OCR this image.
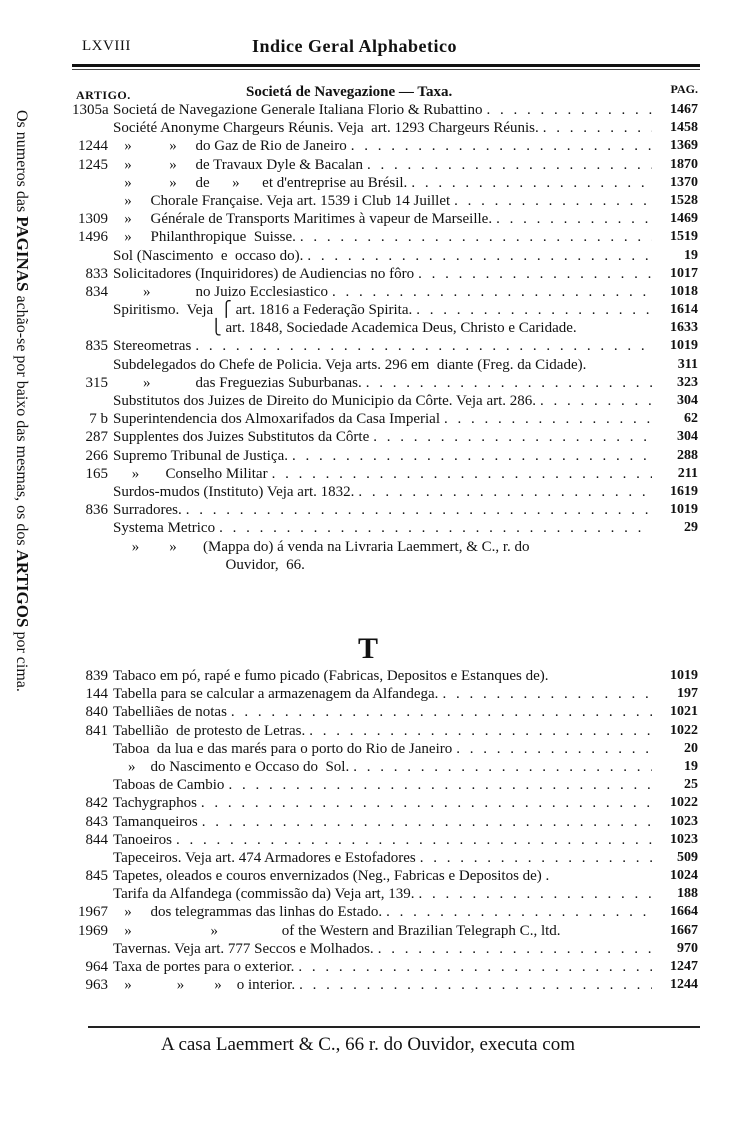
LXVIII	Indice Geral Alphabetico
ARTIGO.	Societá de Navegazione — Taxa.	PAG.
Os numeros das PAGINAS achão-se por baixo das mesmas, os dos ARTIGOS por cima.
1305a Societá de Navegazione Generale Italiana Florio & Rubattino . . .	1467
Société Anonyme Chargeurs Réunis. Veja  art. 1293 Chargeurs Réunis. . . .	1458
1244 »          »     do Gaz de Rio de Janeiro . . .	1369
1245 »          »     de Travaux Dyle & Bacalan . . .	1870
»          »     de      »      et d'entreprise au Brésil. . . .	1370
»     Chorale Française. Veja art. 1539 i Club 14 Juillet . . .	1528
1309 »     Générale de Transports Maritimes à vapeur de Marseille. . . .	1469
1496 »     Philanthropique  Suisse. . . .	1519
Sol (Nascimento  e  occaso do). . . .	19
833 Solicitadores (Inquiridores) de Audiencias no fôro . . .	1017
834 »            no Juizo Ecclesiastico . . .	1018
Spiritismo.  Veja  ⎧ art. 1816 a Federação Spirita. . . .	1614
⎩ art. 1848, Sociedade Academica Deus, Christo e Caridade.	1633
835 Stereometras . . .	1019
Subdelegados do Chefe de Policia. Veja arts. 296 em  diante (Freg. da Cidade).	311
315 »            das Freguezias Suburbanas. . . .	323
Substitutos dos Juizes de Direito do Municipio da Côrte. Veja art. 286. . . .	304
7 b Superintendencia dos Almoxarifados da Casa Imperial . . .	62
287 Supplentes dos Juizes Substitutos da Côrte . . .	304
266 Supremo Tribunal de Justiça. . . .	288
165 »       Conselho Militar . . .	211
Surdos-mudos (Instituto) Veja art. 1832. . . .	1619
836 Surradores. . . .	1019
Systema Metrico . . .	29
»        »       (Mappa do) á venda na Livraria Laemmert, & C., r. do
Ouvidor,  66.
T
839 Tabaco em pó, rapé e fumo picado (Fabricas, Depositos e Estanques de).	1019
144 Tabella para se calcular a armazenagem da Alfandega. . . .	197
840 Tabelliães de notas . . .	1021
841 Tabellião  de protesto de Letras. . . .	1022
Taboa  da lua e das marés para o porto do Rio de Janeiro . . .	20
»    do Nascimento e Occaso do  Sol. . . .	19
Taboas de Cambio . . .	25
842 Tachygraphos . . .	1022
843 Tamanqueiros . . .	1023
844 Tanoeiros . . .	1023
Tapeceiros. Veja art. 474 Armadores e Estofadores . . .	509
845 Tapetes, oleados e couros envernizados (Neg., Fabricas e Depositos de) .	1024
Tarifa da Alfandega (commissão da) Veja art, 139. . . .	188
1967 »     dos telegrammas das linhas do Estado. . . .	1664
1969 »                     »                 of the Western and Brazilian Telegraph C., ltd.	1667
Tavernas. Veja art. 777 Seccos e Molhados. . . .	970
964 Taxa de portes para o exterior. . . .	1247
963 »            »        »    o interior. . . .	1244
A casa Laemmert & C., 66 r. do Ouvidor, executa com
